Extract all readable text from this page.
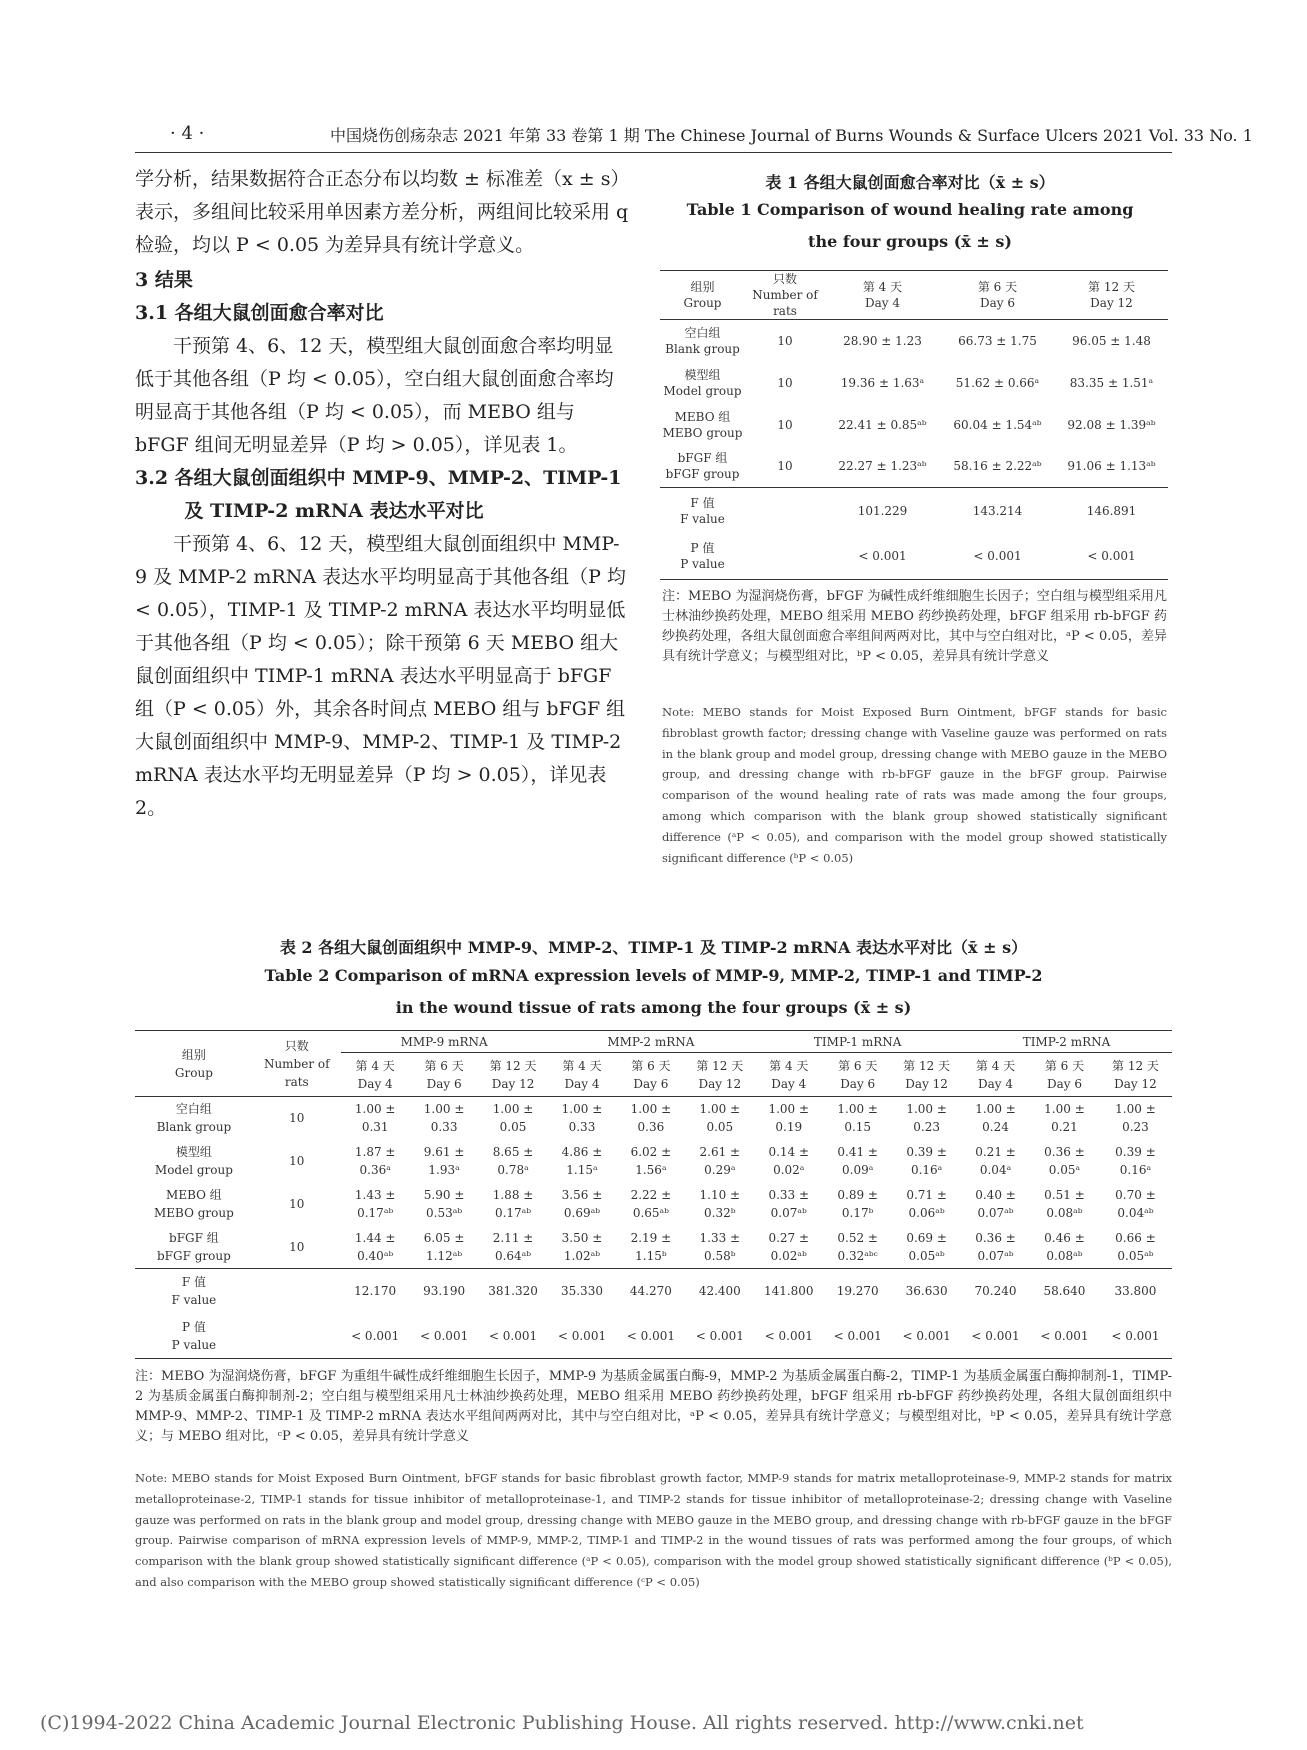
· 4 ·	中国烧伤创疡杂志 2021 年第 33 卷第 1 期 The Chinese Journal of Burns Wounds & Surface Ulcers 2021 Vol. 33 No. 1

学分析，结果数据符合正态分布以均数 ± 标准差（x ± s）表示，多组间比较采用单因素方差分析，两组间比较采用 q 检验，均以 P < 0.05 为差异具有统计学意义。

3 结果

3.1 各组大鼠创面愈合率对比

干预第 4、6、12 天，模型组大鼠创面愈合率均明显低于其他各组（P 均 < 0.05），空白组大鼠创面愈合率均明显高于其他各组（P 均 < 0.05），而 MEBO 组与 bFGF 组间无明显差异（P 均 > 0.05），详见表 1。

3.2 各组大鼠创面组织中 MMP-9、MMP-2、TIMP-1

及 TIMP-2 mRNA 表达水平对比

干预第 4、6、12 天，模型组大鼠创面组织中 MMP-9 及 MMP-2 mRNA 表达水平均明显高于其他各组（P 均 < 0.05），TIMP-1 及 TIMP-2 mRNA 表达水平均明显低于其他各组（P 均 < 0.05）；除干预第 6 天 MEBO 组大鼠创面组织中 TIMP-1 mRNA 表达水平明显高于 bFGF 组（P < 0.05）外，其余各时间点 MEBO 组与 bFGF 组大鼠创面组织中 MMP-9、MMP-2、TIMP-1 及 TIMP-2 mRNA 表达水平均无明显差异（P 均 > 0.05），详见表 2。

表 1 各组大鼠创面愈合率对比（x̄ ± s）
Table 1 Comparison of wound healing rate among
the four groups (x̄ ± s)
组别
Group	只数
Number of rats	第 4 天
Day 4	第 6 天
Day 6	第 12 天
Day 12
空白组
Blank group	10	28.90 ± 1.23	66.73 ± 1.75	96.05 ± 1.48
模型组
Model group	10	19.36 ± 1.63ᵃ	51.62 ± 0.66ᵃ	83.35 ± 1.51ᵃ
MEBO 组
MEBO group	10	22.41 ± 0.85ᵃᵇ	60.04 ± 1.54ᵃᵇ	92.08 ± 1.39ᵃᵇ
bFGF 组
bFGF group	10	22.27 ± 1.23ᵃᵇ	58.16 ± 2.22ᵃᵇ	91.06 ± 1.13ᵃᵇ
F 值
F value		101.229	143.214	146.891
P 值
P value		< 0.001	< 0.001	< 0.001
注：MEBO 为湿润烧伤膏，bFGF 为碱性成纤维细胞生长因子；空白组与模型组采用凡士林油纱换药处理，MEBO 组采用 MEBO 药纱换药处理，bFGF 组采用 rb-bFGF 药纱换药处理，各组大鼠创面愈合率组间两两对比，其中与空白组对比，ᵃP < 0.05，差异具有统计学意义；与模型组对比，ᵇP < 0.05，差异具有统计学意义
Note: MEBO stands for Moist Exposed Burn Ointment, bFGF stands for basic fibroblast growth factor; dressing change with Vaseline gauze was performed on rats in the blank group and model group, dressing change with MEBO gauze in the MEBO group, and dressing change with rb-bFGF gauze in the bFGF group. Pairwise comparison of the wound healing rate of rats was made among the four groups, among which comparison with the blank group showed statistically significant difference (ᵃP < 0.05), and comparison with the model group showed statistically significant difference (ᵇP < 0.05)
表 2 各组大鼠创面组织中 MMP-9、MMP-2、TIMP-1 及 TIMP-2 mRNA 表达水平对比（x̄ ± s）
Table 2 Comparison of mRNA expression levels of MMP-9, MMP-2, TIMP-1 and TIMP-2
in the wound tissue of rats among the four groups (x̄ ± s)
组别
Group	只数
Number of
rats	MMP-9 mRNA			MMP-2 mRNA			TIMP-1 mRNA			TIMP-2 mRNA		
		第 4 天
Day 4	第 6 天
Day 6	第 12 天
Day 12	第 4 天
Day 4	第 6 天
Day 6	第 12 天
Day 12	第 4 天
Day 4	第 6 天
Day 6	第 12 天
Day 12	第 4 天
Day 4	第 6 天
Day 6	第 12 天
Day 12
空白组
Blank group	10	1.00 ±
0.31	1.00 ±
0.33	1.00 ±
0.05	1.00 ±
0.33	1.00 ±
0.36	1.00 ±
0.05	1.00 ±
0.19	1.00 ±
0.15	1.00 ±
0.23	1.00 ±
0.24	1.00 ±
0.21	1.00 ±
0.23
模型组
Model group	10	1.87 ±
0.36ᵃ	9.61 ±
1.93ᵃ	8.65 ±
0.78ᵃ	4.86 ±
1.15ᵃ	6.02 ±
1.56ᵃ	2.61 ±
0.29ᵃ	0.14 ±
0.02ᵃ	0.41 ±
0.09ᵃ	0.39 ±
0.16ᵃ	0.21 ±
0.04ᵃ	0.36 ±
0.05ᵃ	0.39 ±
0.16ᵃ
MEBO 组
MEBO group	10	1.43 ±
0.17ᵃᵇ	5.90 ±
0.53ᵃᵇ	1.88 ±
0.17ᵃᵇ	3.56 ±
0.69ᵃᵇ	2.22 ±
0.65ᵃᵇ	1.10 ±
0.32ᵇ	0.33 ±
0.07ᵃᵇ	0.89 ±
0.17ᵇ	0.71 ±
0.06ᵃᵇ	0.40 ±
0.07ᵃᵇ	0.51 ±
0.08ᵃᵇ	0.70 ±
0.04ᵃᵇ
bFGF 组
bFGF group	10	1.44 ±
0.40ᵃᵇ	6.05 ±
1.12ᵃᵇ	2.11 ±
0.64ᵃᵇ	3.50 ±
1.02ᵃᵇ	2.19 ±
1.15ᵇ	1.33 ±
0.58ᵇ	0.27 ±
0.02ᵃᵇ	0.52 ±
0.32ᵃᵇᶜ	0.69 ±
0.05ᵃᵇ	0.36 ±
0.07ᵃᵇ	0.46 ±
0.08ᵃᵇ	0.66 ±
0.05ᵃᵇ
F 值
F value		12.170	93.190	381.320	35.330	44.270	42.400	141.800	19.270	36.630	70.240	58.640	33.800
P 值
P value		< 0.001	< 0.001	< 0.001	< 0.001	< 0.001	< 0.001	< 0.001	< 0.001	< 0.001	< 0.001	< 0.001	< 0.001
注：MEBO 为湿润烧伤膏，bFGF 为重组牛碱性成纤维细胞生长因子，MMP-9 为基质金属蛋白酶-9，MMP-2 为基质金属蛋白酶-2，TIMP-1 为基质金属蛋白酶抑制剂-1，TIMP-2 为基质金属蛋白酶抑制剂-2；空白组与模型组采用凡士林油纱换药处理，MEBO 组采用 MEBO 药纱换药处理，bFGF 组采用 rb-bFGF 药纱换药处理，各组大鼠创面组织中 MMP-9、MMP-2、TIMP-1 及 TIMP-2 mRNA 表达水平组间两两对比，其中与空白组对比，ᵃP < 0.05，差异具有统计学意义；与模型组对比，ᵇP < 0.05，差异具有统计学意义；与 MEBO 组对比，ᶜP < 0.05，差异具有统计学意义
Note: MEBO stands for Moist Exposed Burn Ointment, bFGF stands for basic fibroblast growth factor, MMP-9 stands for matrix metalloproteinase-9, MMP-2 stands for matrix metalloproteinase-2, TIMP-1 stands for tissue inhibitor of metalloproteinase-1, and TIMP-2 stands for tissue inhibitor of metalloproteinase-2; dressing change with Vaseline gauze was performed on rats in the blank group and model group, dressing change with MEBO gauze in the MEBO group, and dressing change with rb-bFGF gauze in the bFGF group. Pairwise comparison of mRNA expression levels of MMP-9, MMP-2, TIMP-1 and TIMP-2 in the wound tissues of rats was performed among the four groups, of which comparison with the blank group showed statistically significant difference (ᵃP < 0.05), comparison with the model group showed statistically significant difference (ᵇP < 0.05), and also comparison with the MEBO group showed statistically significant difference (ᶜP < 0.05)
(C)1994-2022 China Academic Journal Electronic Publishing House. All rights reserved. http://www.cnki.net
